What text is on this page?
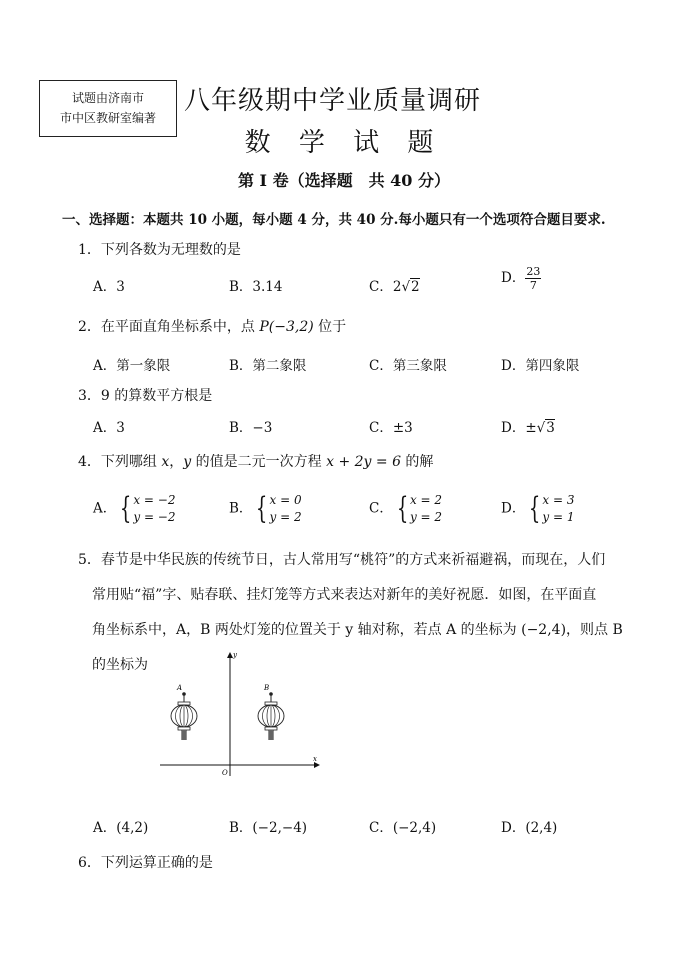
试题由济南市
市中区教研室编著
八年级期中学业质量调研
数 学 试 题
第 I 卷（选择题　共 40 分）
一、选择题：本题共 10 小题，每小题 4 分，共 40 分.每小题只有一个选项符合题目要求.
1．下列各数为无理数的是
A．3	B．3.14	C．2√2
D． $\frac{23}{7}$
2．在平面直角坐标系中，点 P(−3,2) 位于
A．第一象限	B．第二象限	C．第三象限	D．第四象限
3．9 的算数平方根是
A．3	B．−3	C．±3	D．±√3
4．下列哪组 x，y 的值是二元一次方程 x + 2y = 6 的解
A． { x = −2
y = −2
B． { x = 0
y = 2
C． { x = 2
y = 2
D． { x = 3
y = 1
5．春节是中华民族的传统节日，古人常用写“桃符”的方式来祈福避祸，而现在，人们
常用贴“福”字、贴春联、挂灯笼等方式来表达对新年的美好祝愿．如图，在平面直
角坐标系中，A，B 两处灯笼的位置关于 y 轴对称，若点 A 的坐标为 (−2,4)，则点 B
的坐标为
x
y
O
A	B
A．(4,2)	B．(−2,−4)	C．(−2,4)	D．(2,4)
6．下列运算正确的是
